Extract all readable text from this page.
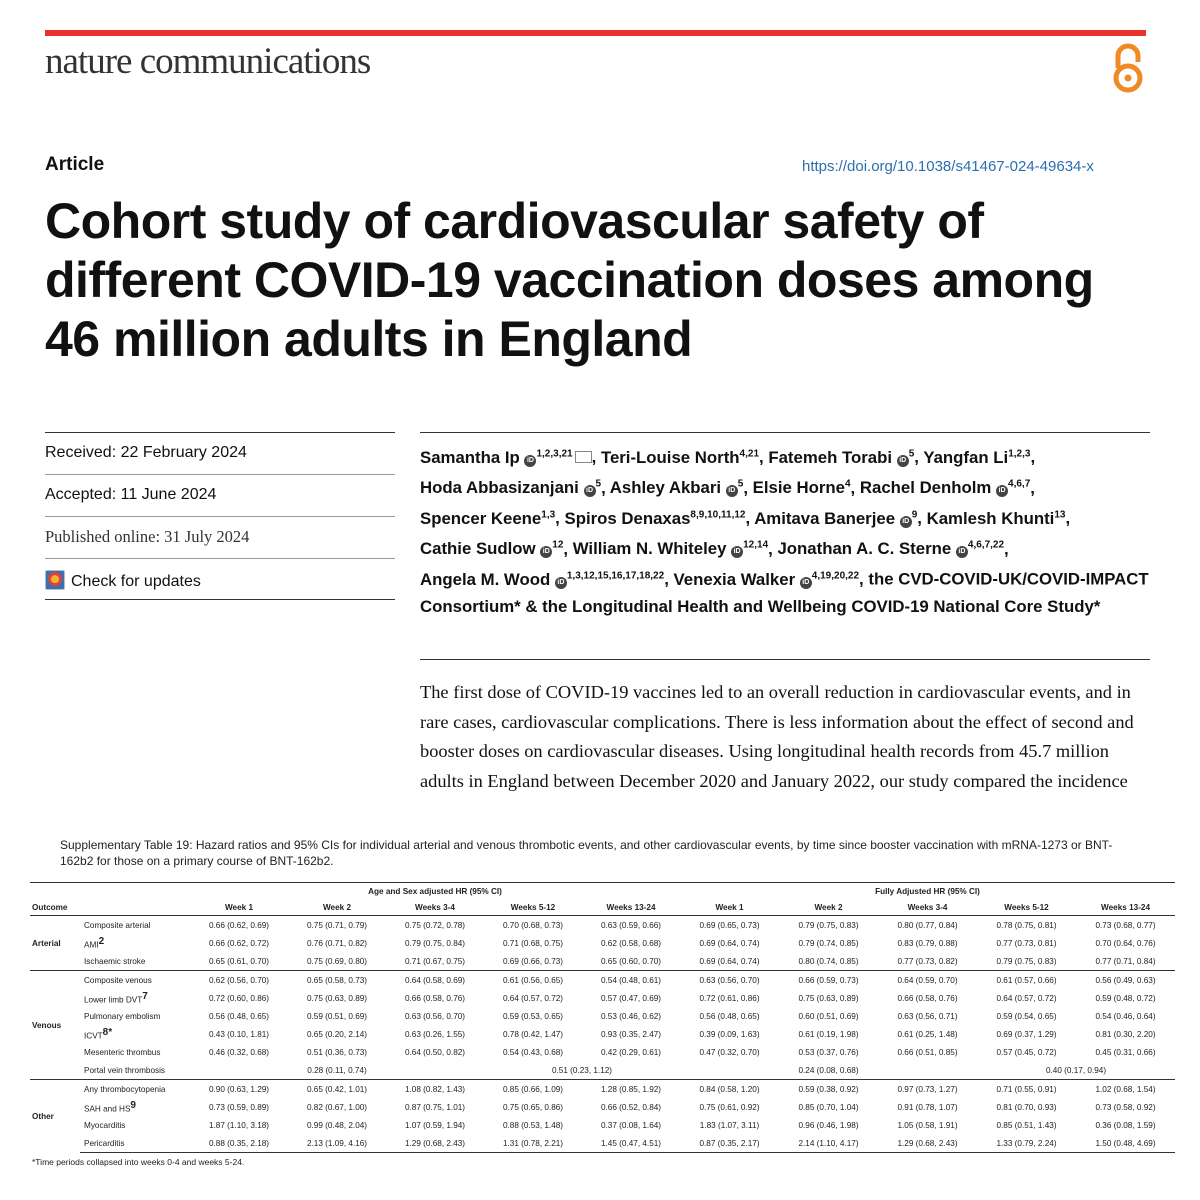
nature communications
Article	https://doi.org/10.1038/s41467-024-49634-x
Cohort study of cardiovascular safety of different COVID-19 vaccination doses among 46 million adults in England
Received: 22 February 2024
Accepted: 11 June 2024
Published online: 31 July 2024
Check for updates
Samantha Ip iD$^{1,2,3,21}$ , Teri-Louise North$^{4,21}$, Fatemeh Torabi $iD^5$, Yangfan Li$^{1,2,3}$, Hoda Abbasizanjani $iD^5$, Ashley Akbari $iD^5$, Elsie Horne$^4$, Rachel Denholm iD$^{4,6,7}$, Spencer Keene$^{1,3}$, Spiros Denaxas$^{8,9,10,11,12}$, Amitava Banerjee $iD^9$, Kamlesh Khunti$^{13}$, Cathie Sudlow $iD^{12}$, William N. Whiteley iD$^{12,14}$, Jonathan A. C. Sterne iD$^{4,6,7,22}$, Angela M. Wood iD$^{1,3,12,15,16,17,18,22}$, Venexia Walker iD$^{4,19,20,22}$, the CVD-COVID-UK/COVID-IMPACT Consortium* & the Longitudinal Health and Wellbeing COVID-19 National Core Study*
The first dose of COVID-19 vaccines led to an overall reduction in cardiovascular events, and in rare cases, cardiovascular complications. There is less information about the effect of second and booster doses on cardiovascular diseases. Using longitudinal health records from 45.7 million adults in England between December 2020 and January 2022, our study compared the incidence
Supplementary Table 19: Hazard ratios and 95% CIs for individual arterial and venous thrombotic events, and other cardiovascular events, by time since booster vaccination with mRNA-1273 or BNT-162b2 for those on a primary course of BNT-162b2.
		Age and Sex adjusted HR (95% CI)					Fully Adjusted HR (95% CI)				
Outcome		Week 1	Week 2	Weeks 3-4	Weeks 5-12	Weeks 13-24	Week 1	Week 2	Weeks 3-4	Weeks 5-12	Weeks 13-24
Arterial	Composite arterial	0.66 (0.62, 0.69)	0.75 (0.71, 0.79)	0.75 (0.72, 0.78)	0.70 (0.68, 0.73)	0.63 (0.59, 0.66)	0.69 (0.65, 0.73)	0.79 (0.75, 0.83)	0.80 (0.77, 0.84)	0.78 (0.75, 0.81)	0.73 (0.68, 0.77)
	AMI$^2$	0.66 (0.62, 0.72)	0.76 (0.71, 0.82)	0.79 (0.75, 0.84)	0.71 (0.68, 0.75)	0.62 (0.58, 0.68)	0.69 (0.64, 0.74)	0.79 (0.74, 0.85)	0.83 (0.79, 0.88)	0.77 (0.73, 0.81)	0.70 (0.64, 0.76)
	Ischaemic stroke	0.65 (0.61, 0.70)	0.75 (0.69, 0.80)	0.71 (0.67, 0.75)	0.69 (0.66, 0.73)	0.65 (0.60, 0.70)	0.69 (0.64, 0.74)	0.80 (0.74, 0.85)	0.77 (0.73, 0.82)	0.79 (0.75, 0.83)	0.77 (0.71, 0.84)
Venous	Composite venous	0.62 (0.56, 0.70)	0.65 (0.58, 0.73)	0.64 (0.58, 0.69)	0.61 (0.56, 0.65)	0.54 (0.48, 0.61)	0.63 (0.56, 0.70)	0.66 (0.59, 0.73)	0.64 (0.59, 0.70)	0.61 (0.57, 0.66)	0.56 (0.49, 0.63)
	Lower limb DVT$^7$	0.72 (0.60, 0.86)	0.75 (0.63, 0.89)	0.66 (0.58, 0.76)	0.64 (0.57, 0.72)	0.57 (0.47, 0.69)	0.72 (0.61, 0.86)	0.75 (0.63, 0.89)	0.66 (0.58, 0.76)	0.64 (0.57, 0.72)	0.59 (0.48, 0.72)
	Pulmonary embolism	0.56 (0.48, 0.65)	0.59 (0.51, 0.69)	0.63 (0.56, 0.70)	0.59 (0.53, 0.65)	0.53 (0.46, 0.62)	0.56 (0.48, 0.65)	0.60 (0.51, 0.69)	0.63 (0.56, 0.71)	0.59 (0.54, 0.65)	0.54 (0.46, 0.64)
	$ICVT^{8*}$	0.43 (0.10, 1.81)	0.65 (0.20, 2.14)	0.63 (0.26, 1.55)	0.78 (0.42, 1.47)	0.93 (0.35, 2.47)	0.39 (0.09, 1.63)	0.61 (0.19, 1.98)	0.61 (0.25, 1.48)	0.69 (0.37, 1.29)	0.81 (0.30, 2.20)
	Mesenteric thrombus	0.46 (0.32, 0.68)	0.51 (0.36, 0.73)	0.64 (0.50, 0.82)	0.54 (0.43, 0.68)	0.42 (0.29, 0.61)	0.47 (0.32, 0.70)	0.53 (0.37, 0.76)	0.66 (0.51, 0.85)	0.57 (0.45, 0.72)	0.45 (0.31, 0.66)
	Portal vein thrombosis	0.28 (0.11, 0.74)			0.51 (0.23, 1.12)		0.24 (0.08, 0.68)			0.40 (0.17, 0.94)	
Other	Any thrombocytopenia	0.90 (0.63, 1.29)	0.65 (0.42, 1.01)	1.08 (0.82, 1.43)	0.85 (0.66, 1.09)	1.28 (0.85, 1.92)	0.84 (0.58, 1.20)	0.59 (0.38, 0.92)	0.97 (0.73, 1.27)	0.71 (0.55, 0.91)	1.02 (0.68, 1.54)
	SAH and $HS^9$	0.73 (0.59, 0.89)	0.82 (0.67, 1.00)	0.87 (0.75, 1.01)	0.75 (0.65, 0.86)	0.66 (0.52, 0.84)	0.75 (0.61, 0.92)	0.85 (0.70, 1.04)	0.91 (0.78, 1.07)	0.81 (0.70, 0.93)	0.73 (0.58, 0.92)
	Myocarditis	1.87 (1.10, 3.18)	0.99 (0.48, 2.04)	1.07 (0.59, 1.94)	0.88 (0.53, 1.48)	0.37 (0.08, 1.64)	1.83 (1.07, 3.11)	0.96 (0.46, 1.98)	1.05 (0.58, 1.91)	0.85 (0.51, 1.43)	0.36 (0.08, 1.59)
	Pericarditis	0.88 (0.35, 2.18)	2.13 (1.09, 4.16)	1.29 (0.68, 2.43)	1.31 (0.78, 2.21)	1.45 (0.47, 4.51)	0.87 (0.35, 2.17)	2.14 (1.10, 4.17)	1.29 (0.68, 2.43)	1.33 (0.79, 2.24)	1.50 (0.48, 4.69)
*Time periods collapsed into weeks 0-4 and weeks 5-24.
